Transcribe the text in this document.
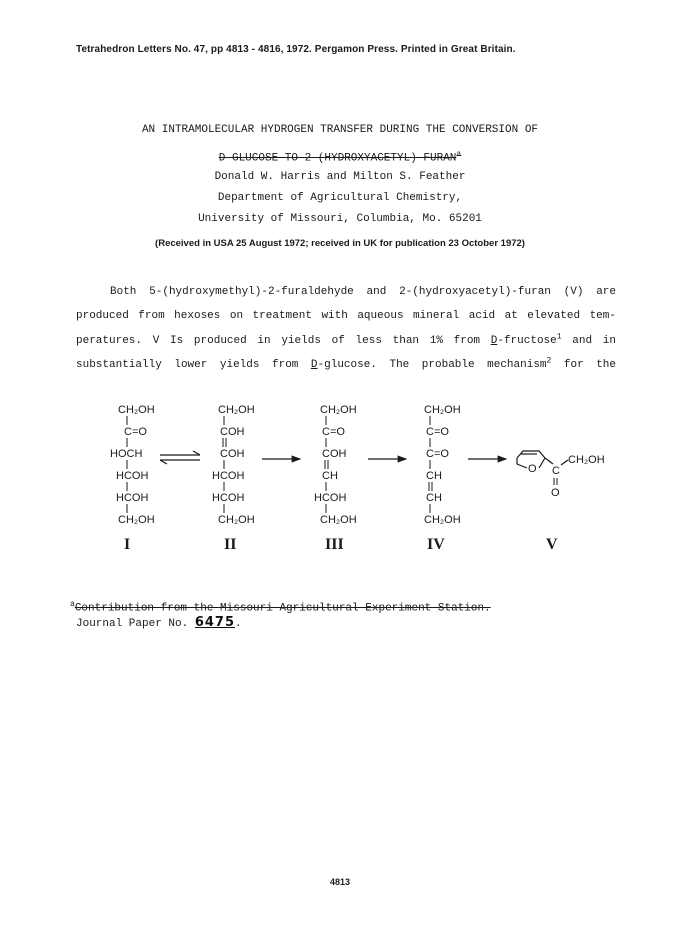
Tetrahedron Letters No. 47, pp 4813 - 4816, 1972. Pergamon Press. Printed in Great Britain.
AN INTRAMOLECULAR HYDROGEN TRANSFER DURING THE CONVERSION OF
D-GLUCOSE TO 2-(HYDROXYACETYL)-FURAN$^a$
Donald W. Harris and Milton S. Feather
Department of Agricultural Chemistry,
University of Missouri, Columbia, Mo. 65201
(Received in USA 25 August 1972; received in UK for publication 23 October 1972)
Both 5-(hydroxymethyl)-2-furaldehyde and 2-(hydroxyacetyl)-furan (V) are
produced from hexoses on treatment with aqueous mineral acid at elevated tem-
peratures. V Is produced in yields of less than 1% from D-fructose$^1$ and in
substantially lower yields from D-glucose. The probable mechanism$^2$ for the
CH₂OH
C=O
HOCH
HCOH
HCOH
CH₂OH
CH₂OH
COH
COH
HCOH
HCOH
CH₂OH
CH₂OH
C=O
COH
CH
HCOH
CH₂OH
CH₂OH
C=O
C=O
CH
CH
CH₂OH
O C
CH₂OH
O
I	II	III	IV	V
$^a$Contribution from the Missouri Agricultural Experiment Station.
Journal Paper No. 6475.
4813
